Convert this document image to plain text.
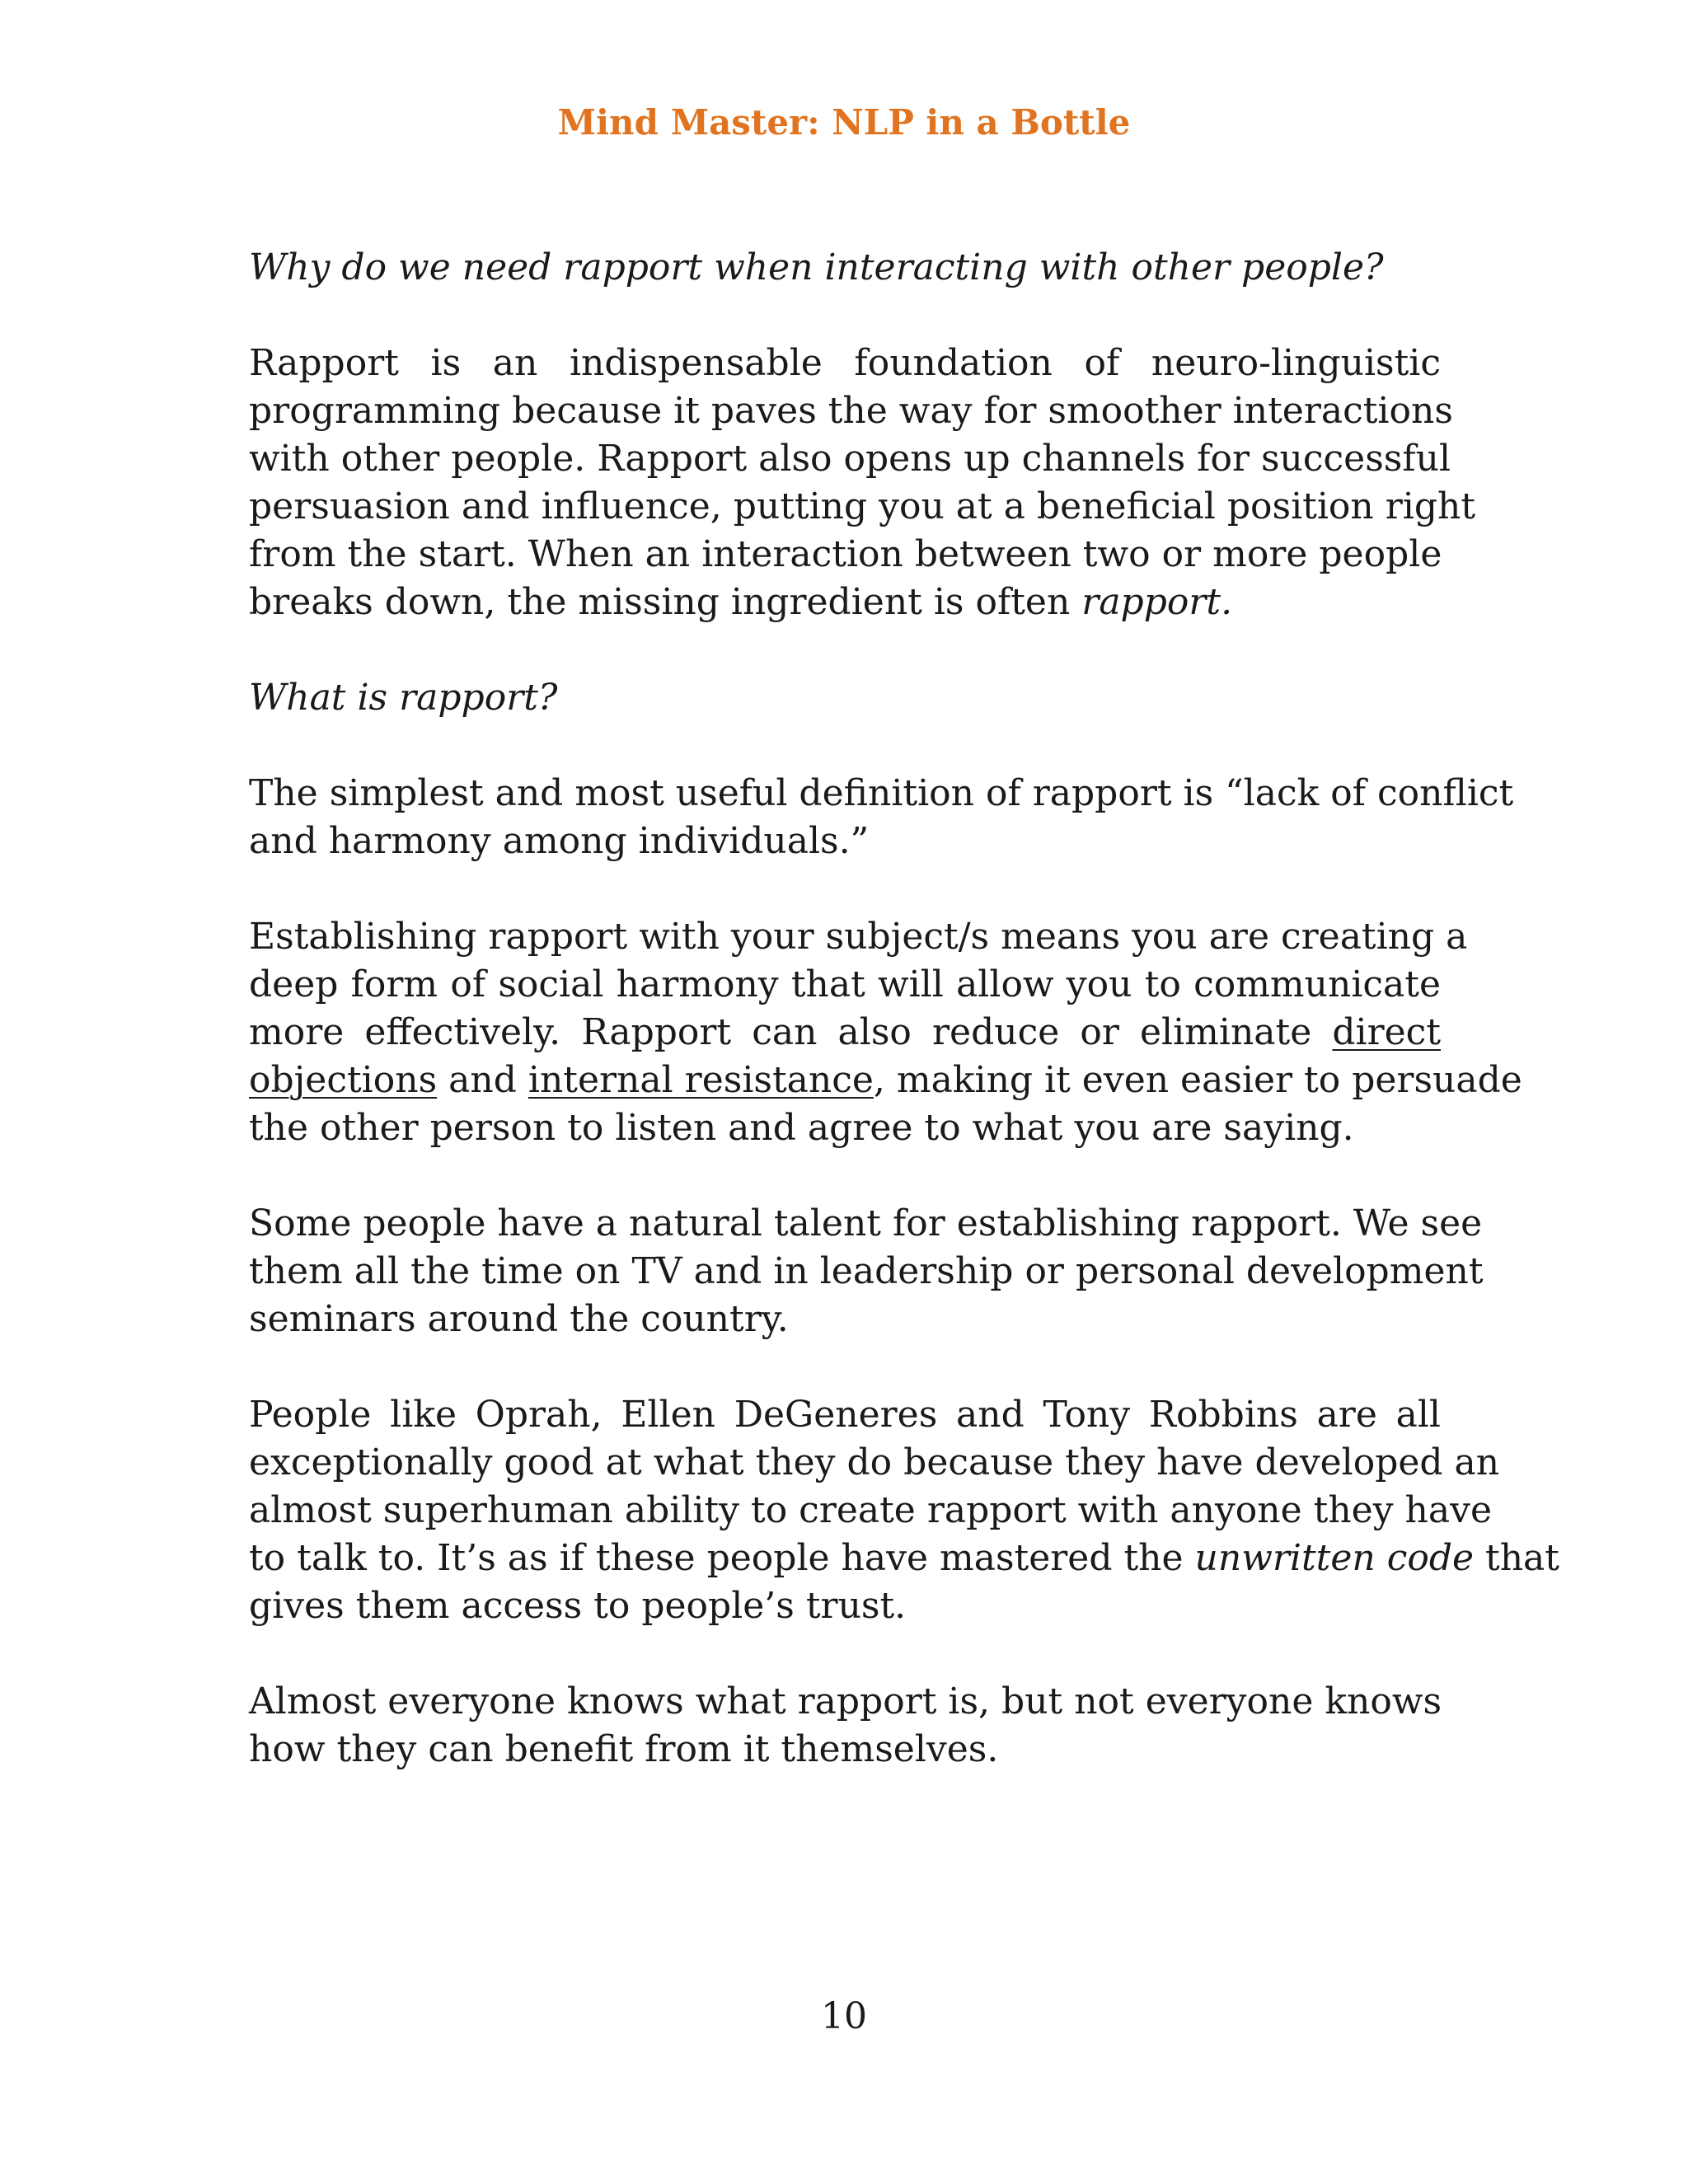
Mind Master: NLP in a Bottle
Why do we need rapport when interacting with other people?
Rapport is an indispensable foundation of neuro-linguistic
programming because it paves the way for smoother interactions
with other people. Rapport also opens up channels for successful
persuasion and influence, putting you at a beneficial position right
from the start. When an interaction between two or more people
breaks down, the missing ingredient is often rapport.
What is rapport?
The simplest and most useful definition of rapport is “lack of conflict
and harmony among individuals.”
Establishing rapport with your subject/s means you are creating a
deep form of social harmony that will allow you to communicate
more effectively. Rapport can also reduce or eliminate direct
objections and internal resistance, making it even easier to persuade
the other person to listen and agree to what you are saying.
Some people have a natural talent for establishing rapport. We see
them all the time on TV and in leadership or personal development
seminars around the country.
People like Oprah, Ellen DeGeneres and Tony Robbins are all
exceptionally good at what they do because they have developed an
almost superhuman ability to create rapport with anyone they have
to talk to. It’s as if these people have mastered the unwritten code that
gives them access to people’s trust.
Almost everyone knows what rapport is, but not everyone knows
how they can benefit from it themselves.
10
